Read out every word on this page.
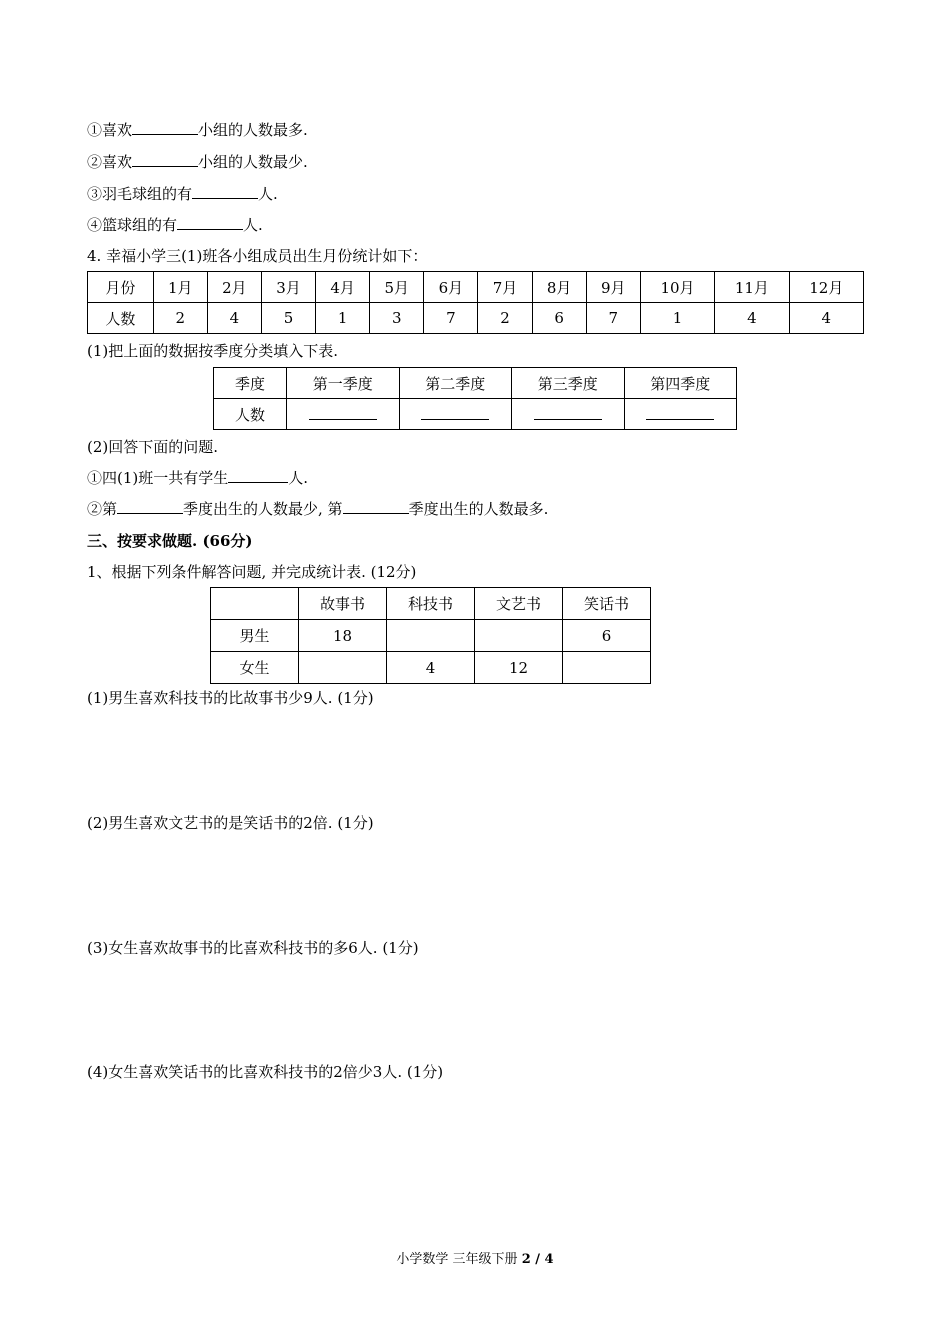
①喜欢	小组的人数最多.
②喜欢	小组的人数最少.
③羽毛球组的有	人.
④篮球组的有	人.
4. 幸福小学三(1)班各小组成员出生月份统计如下：
月份	1月	2月	3月	4月	5月	6月	7月	8月	9月	10月	11月	12月
人数	2	4	5	1	3	7	2	6	7	1	4	4
(1)把上面的数据按季度分类填入下表.
季度	第一季度	第二季度	第三季度	第四季度
人数				
(2)回答下面的问题.
①四(1)班一共有学生	人.
②第	季度出生的人数最少, 第	季度出生的人数最多.
三、按要求做题. (66分)
1、根据下列条件解答问题, 并完成统计表. (12分)
	故事书	科技书	文艺书	笑话书
男生	18			6
女生		4	12	
(1)男生喜欢科技书的比故事书少9人. (1分)
(2)男生喜欢文艺书的是笑话书的2倍. (1分)
(3)女生喜欢故事书的比喜欢科技书的多6人. (1分)
(4)女生喜欢笑话书的比喜欢科技书的2倍少3人. (1分)
小学数学 三年级下册 2 / 4
